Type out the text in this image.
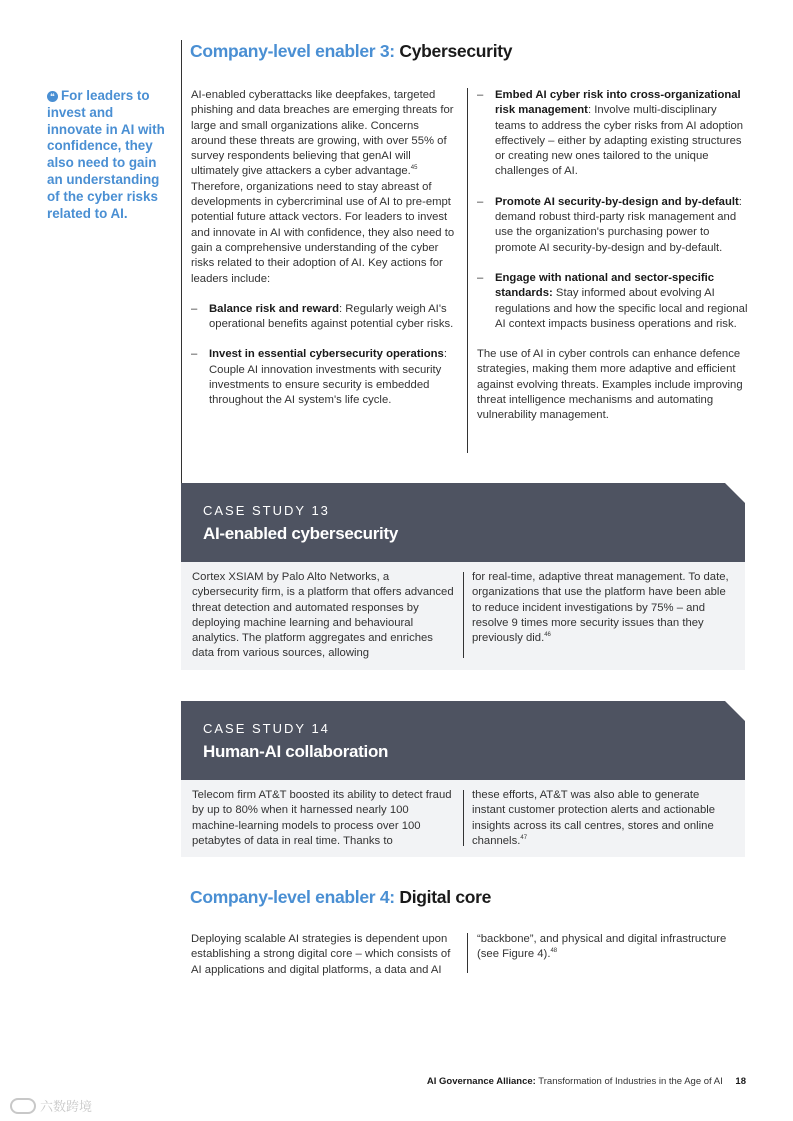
Company-level enabler 3: Cybersecurity
❝ For leaders to invest and innovate in AI with confidence, they also need to gain an understanding of the cyber risks related to AI.

AI-enabled cyberattacks like deepfakes, targeted phishing and data breaches are emerging threats for large and small organizations alike. Concerns around these threats are growing, with over 55% of survey respondents believing that genAI will ultimately give attackers a cyber advantage.$^{45}$ Therefore, organizations need to stay abreast of developments in cybercriminal use of AI to pre-empt potential future attack vectors. For leaders to invest and innovate in AI with confidence, they also need to gain a comprehensive understanding of the cyber risks related to their adoption of AI. Key actions for leaders include:

–	Balance risk and reward: Regularly weigh AI's operational benefits against potential cyber risks.
–	Invest in essential cybersecurity operations: Couple AI innovation investments with security investments to ensure security is embedded throughout the AI system's life cycle.
–	Embed AI cyber risk into cross-organizational risk management: Involve multi-disciplinary teams to address the cyber risks from AI adoption effectively – either by adapting existing structures or creating new ones tailored to the unique challenges of AI.
–	Promote AI security-by-design and by-default: demand robust third-party risk management and use the organization's purchasing power to promote AI security-by-design and by-default.
–	Engage with national and sector-specific standards: Stay informed about evolving AI regulations and how the specific local and regional AI context impacts business operations and risk.

The use of AI in cyber controls can enhance defence strategies, making them more adaptive and efficient against evolving threats. Examples include improving threat intelligence mechanisms and automating vulnerability management.

CASE STUDY 13
AI-enabled cybersecurity

Cortex XSIAM by Palo Alto Networks, a cybersecurity firm, is a platform that offers advanced threat detection and automated responses by deploying machine learning and behavioural analytics. The platform aggregates and enriches data from various sources, allowing

for real-time, adaptive threat management. To date, organizations that use the platform have been able to reduce incident investigations by 75% – and resolve 9 times more security issues than they previously did.$^{46}$

CASE STUDY 14
Human-AI collaboration

Telecom firm AT&T boosted its ability to detect fraud by up to 80% when it harnessed nearly 100 machine-learning models to process over 100 petabytes of data in real time. Thanks to

these efforts, AT&T was also able to generate instant customer protection alerts and actionable insights across its call centres, stores and online channels.$^{47}$

Company-level enabler 4: Digital core

Deploying scalable AI strategies is dependent upon establishing a strong digital core – which consists of AI applications and digital platforms, a data and AI

“backbone”, and physical and digital infrastructure (see Figure 4).$^{48}$

AI Governance Alliance: Transformation of Industries in the Age of AI 18
六数跨境
